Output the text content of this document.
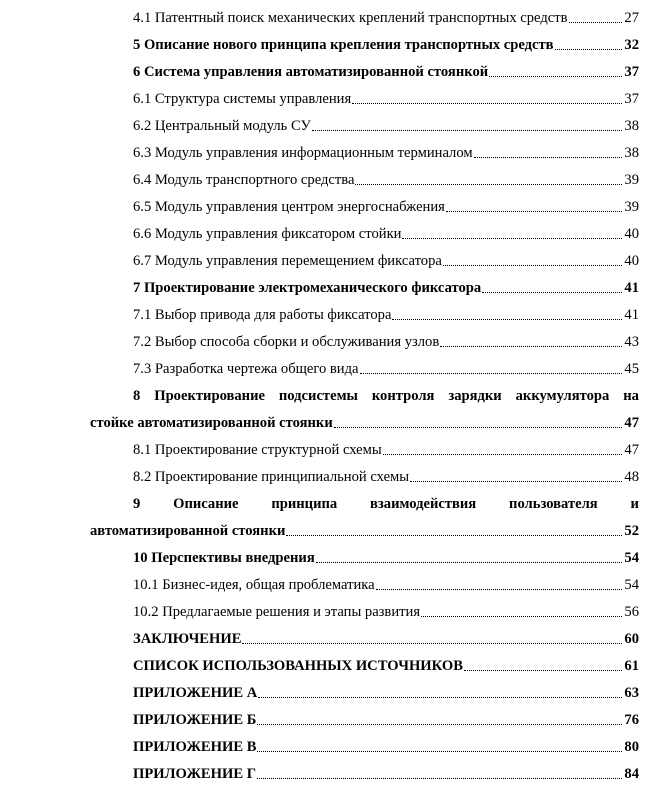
4.1 Патентный поиск механических креплений транспортных средств	27
5 Описание нового принципа крепления транспортных средств	32
6 Система управления автоматизированной стоянкой	37
6.1 Структура системы управления	37
6.2 Центральный модуль СУ	38
6.3 Модуль управления информационным терминалом	38
6.4 Модуль транспортного средства	39
6.5 Модуль управления центром энергоснабжения	39
6.6 Модуль управления фиксатором стойки	40
6.7 Модуль управления перемещением фиксатора	40
7 Проектирование электромеханического фиксатора	41
7.1 Выбор привода для работы фиксатора	41
7.2 Выбор способа сборки и обслуживания узлов	43
7.3 Разработка чертежа общего вида	45
8 Проектирование подсистемы контроля зарядки аккумулятора на
стойке автоматизированной стоянки	47
8.1 Проектирование структурной схемы	47
8.2 Проектирование принципиальной схемы	48
9 Описание принципа взаимодействия пользователя и
автоматизированной стоянки	52
10 Перспективы внедрения	54
10.1 Бизнес-идея, общая проблематика	54
10.2 Предлагаемые решения и этапы развития	56
ЗАКЛЮЧЕНИЕ	60
СПИСОК ИСПОЛЬЗОВАННЫХ ИСТОЧНИКОВ	61
ПРИЛОЖЕНИЕ А	63
ПРИЛОЖЕНИЕ Б	76
ПРИЛОЖЕНИЕ В	80
ПРИЛОЖЕНИЕ Г	84
